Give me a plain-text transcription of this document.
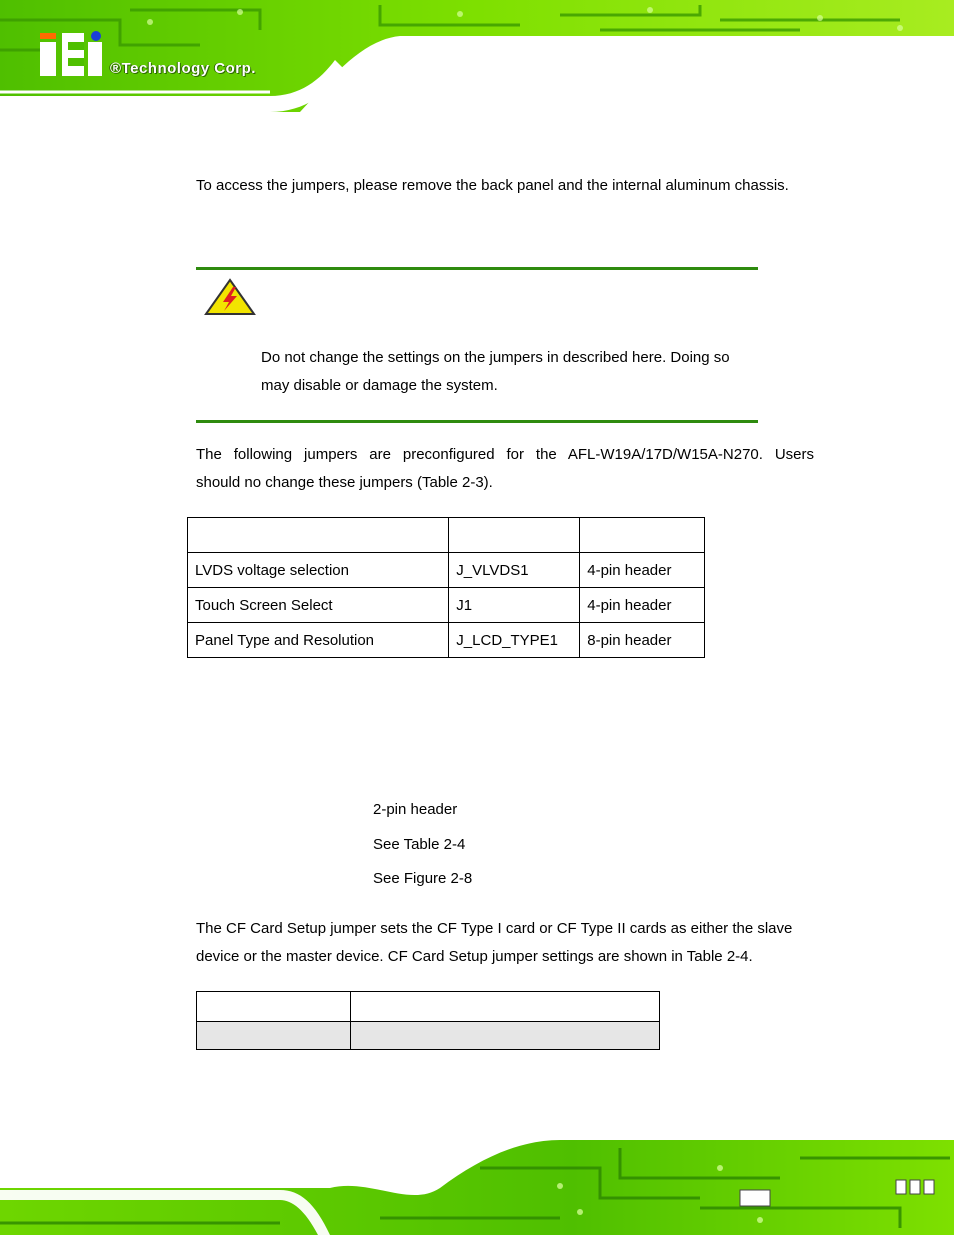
®Technology Corp.
To access the jumpers, please remove the back panel and the internal aluminum chassis.
Do not change the settings on the jumpers in described here. Doing so
may disable or damage the system.
The following jumpers are preconfigured for the AFL-W19A/17D/W15A-N270. Users
should no change these jumpers (Table 2-3).

LVDS voltage selection	J_VLVDS1	4-pin header
Touch Screen Select	J1	4-pin header
Panel Type and Resolution	J_LCD_TYPE1	8-pin header
2-pin header
See Table 2-4
See Figure 2-8
The CF Card Setup jumper sets the CF Type I card or CF Type II cards as either the slave
device or the master device. CF Card Setup jumper settings are shown in Table 2-4.
